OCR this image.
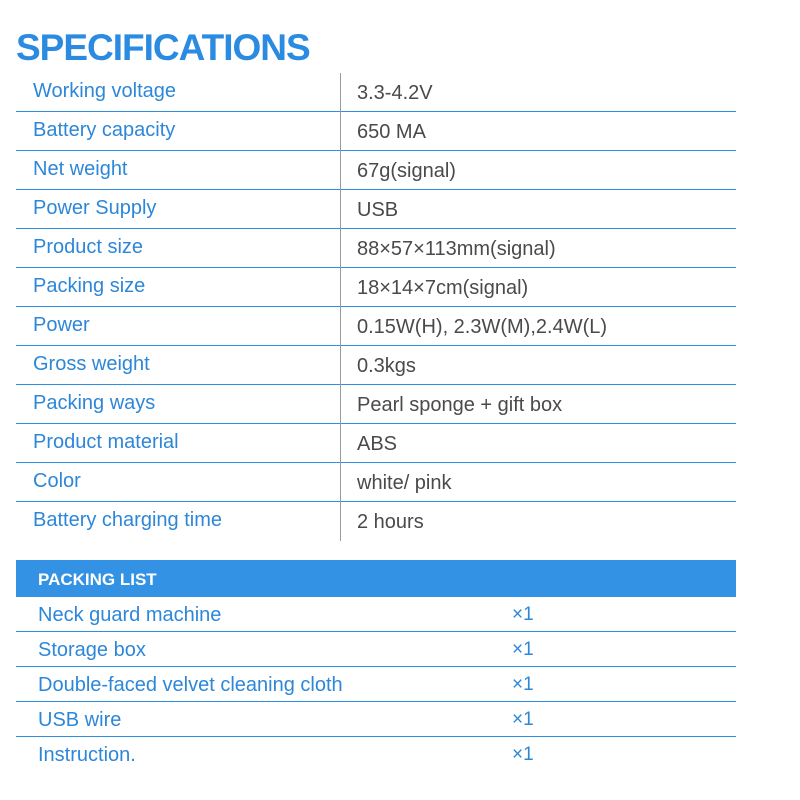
SPECIFICATIONS
Working voltage	3.3-4.2V
Battery capacity	650 MA
Net weight	67g(signal)
Power Supply	USB
Product size	88×57×113mm(signal)
Packing size	18×14×7cm(signal)
Power	0.15W(H), 2.3W(M),2.4W(L)
Gross weight	0.3kgs
Packing ways	Pearl sponge + gift box
Product material	ABS
Color	white/ pink
Battery charging time	2 hours
PACKING LIST
Neck guard machine	×1
Storage box	×1
Double-faced velvet cleaning cloth	×1
USB wire	×1
Instruction.	×1
